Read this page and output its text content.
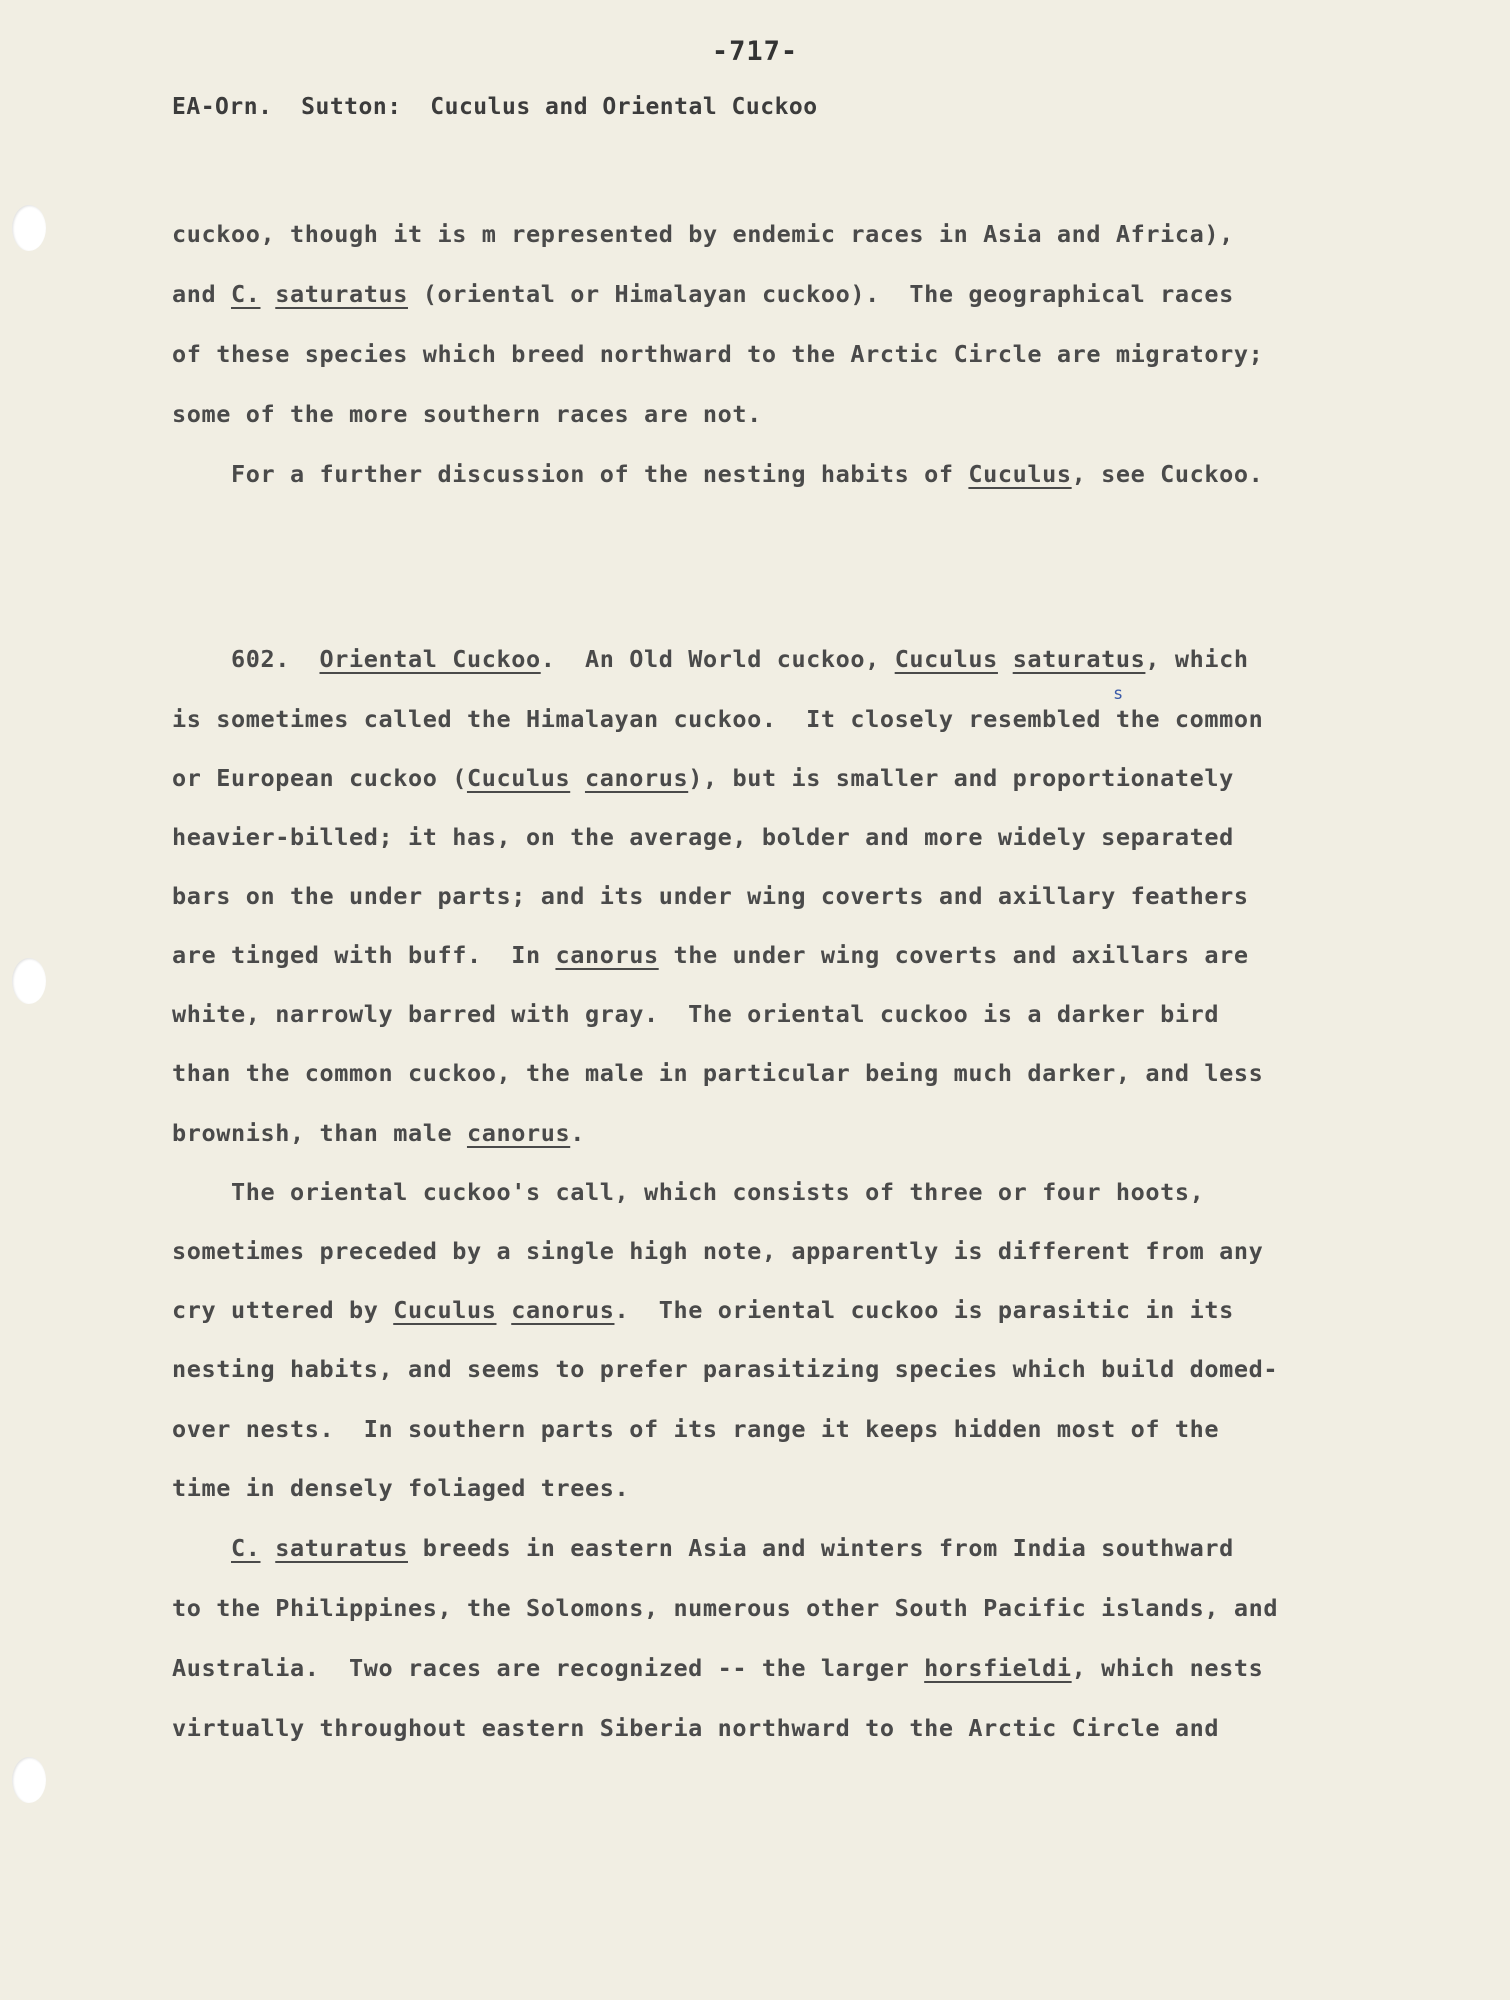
-717-
EA-Orn.  Sutton:  Cuculus and Oriental Cuckoo
cuckoo, though it is m represented by endemic races in Asia and Africa),
and C. saturatus (oriental or Himalayan cuckoo).  The geographical races
of these species which breed northward to the Arctic Circle are migratory;
some of the more southern races are not.
For a further discussion of the nesting habits of Cuculus, see Cuckoo.
602.  Oriental Cuckoo.  An Old World cuckoo, Cuculus saturatus, which
is sometimes called the Himalayan cuckoo.  It closely resembled the common
or European cuckoo (Cuculus canorus), but is smaller and proportionately
heavier-billed; it has, on the average, bolder and more widely separated
bars on the under parts; and its under wing coverts and axillary feathers
are tinged with buff.  In canorus the under wing coverts and axillars are
white, narrowly barred with gray.  The oriental cuckoo is a darker bird
than the common cuckoo, the male in particular being much darker, and less
brownish, than male canorus.
The oriental cuckoo's call, which consists of three or four hoots,
sometimes preceded by a single high note, apparently is different from any
cry uttered by Cuculus canorus.  The oriental cuckoo is parasitic in its
nesting habits, and seems to prefer parasitizing species which build domed-
over nests.  In southern parts of its range it keeps hidden most of the
time in densely foliaged trees.
C. saturatus breeds in eastern Asia and winters from India southward
to the Philippines, the Solomons, numerous other South Pacific islands, and
Australia.  Two races are recognized -- the larger horsfieldi, which nests
virtually throughout eastern Siberia northward to the Arctic Circle and
s
